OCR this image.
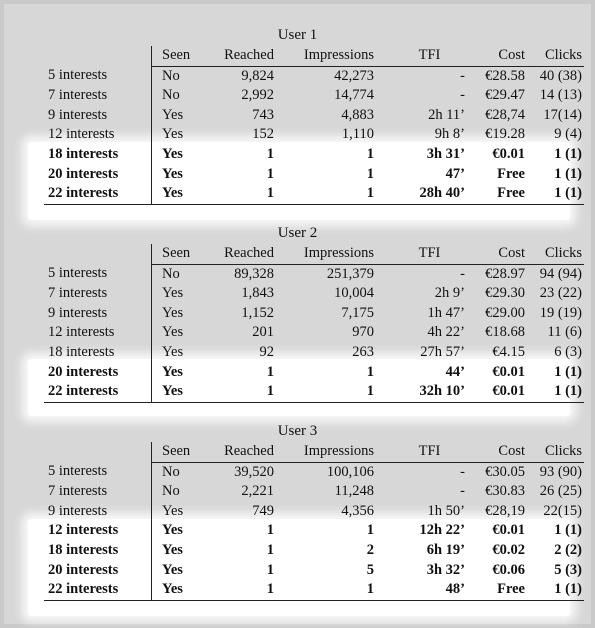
User 1
	Seen	Reached	Impressions	TFI	Cost	Clicks
5 interests	No	9,824	42,273	-	€28.58	40 (38)
7 interests	No	2,992	14,774	-	€29.47	14 (13)
9 interests	Yes	743	4,883	2h 11’	€28,74	17(14)
12 interests	Yes	152	1,110	9h 8’	€19.28	9 (4)
18 interests	Yes	1	1	3h 31’	€0.01	1 (1)
20 interests	Yes	1	1	47’	Free	1 (1)
22 interests	Yes	1	1	28h 40’	Free	1 (1)
User 2
	Seen	Reached	Impressions	TFI	Cost	Clicks
5 interests	No	89,328	251,379	-	€28.97	94 (94)
7 interests	Yes	1,843	10,004	2h 9’	€29.30	23 (22)
9 interests	Yes	1,152	7,175	1h 47’	€29.00	19 (19)
12 interests	Yes	201	970	4h 22’	€18.68	11 (6)
18 interests	Yes	92	263	27h 57’	€4.15	6 (3)
20 interests	Yes	1	1	44’	€0.01	1 (1)
22 interests	Yes	1	1	32h 10’	€0.01	1 (1)
User 3
	Seen	Reached	Impressions	TFI	Cost	Clicks
5 interests	No	39,520	100,106	-	€30.05	93 (90)
7 interests	No	2,221	11,248	-	€30.83	26 (25)
9 interests	Yes	749	4,356	1h 50’	€28,19	22(15)
12 interests	Yes	1	1	12h 22’	€0.01	1 (1)
18 interests	Yes	1	2	6h 19’	€0.02	2 (2)
20 interests	Yes	1	5	3h 32’	€0.06	5 (3)
22 interests	Yes	1	1	48’	Free	1 (1)
